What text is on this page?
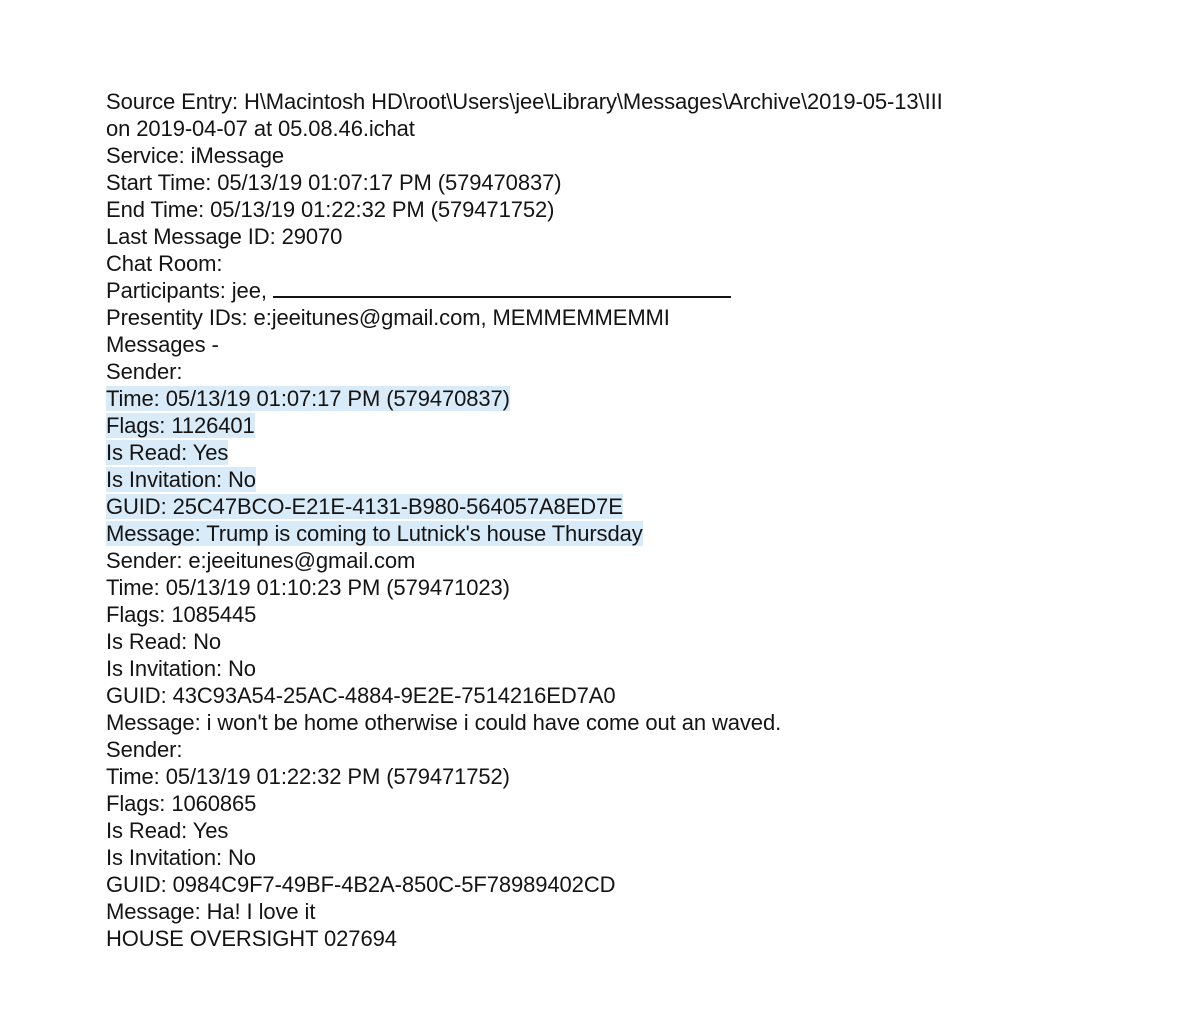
Source Entry: H\Macintosh HD\root\Users\jee\Library\Messages\Archive\2019-05-13\III
on 2019-04-07 at 05.08.46.ichat
Service: iMessage
Start Time: 05/13/19 01:07:17 PM (579470837)
End Time: 05/13/19 01:22:32 PM (579471752)
Last Message ID: 29070
Chat Room:
Participants: jee,
Presentity IDs: e:jeeitunes@gmail.com, MEMMEMMEMMI
Messages -
Sender:
Time: 05/13/19 01:07:17 PM (579470837)
Flags: 1126401
Is Read: Yes
Is Invitation: No
GUID: 25C47BCO-E21E-4131-B980-564057A8ED7E
Message: Trump is coming to Lutnick's house Thursday
Sender: e:jeeitunes@gmail.com
Time: 05/13/19 01:10:23 PM (579471023)
Flags: 1085445
Is Read: No
Is Invitation: No
GUID: 43C93A54-25AC-4884-9E2E-7514216ED7A0
Message: i won't be home otherwise i could have come out an waved.
Sender:
Time: 05/13/19 01:22:32 PM (579471752)
Flags: 1060865
Is Read: Yes
Is Invitation: No
GUID: 0984C9F7-49BF-4B2A-850C-5F78989402CD
Message: Ha! I love it
HOUSE OVERSIGHT 027694
